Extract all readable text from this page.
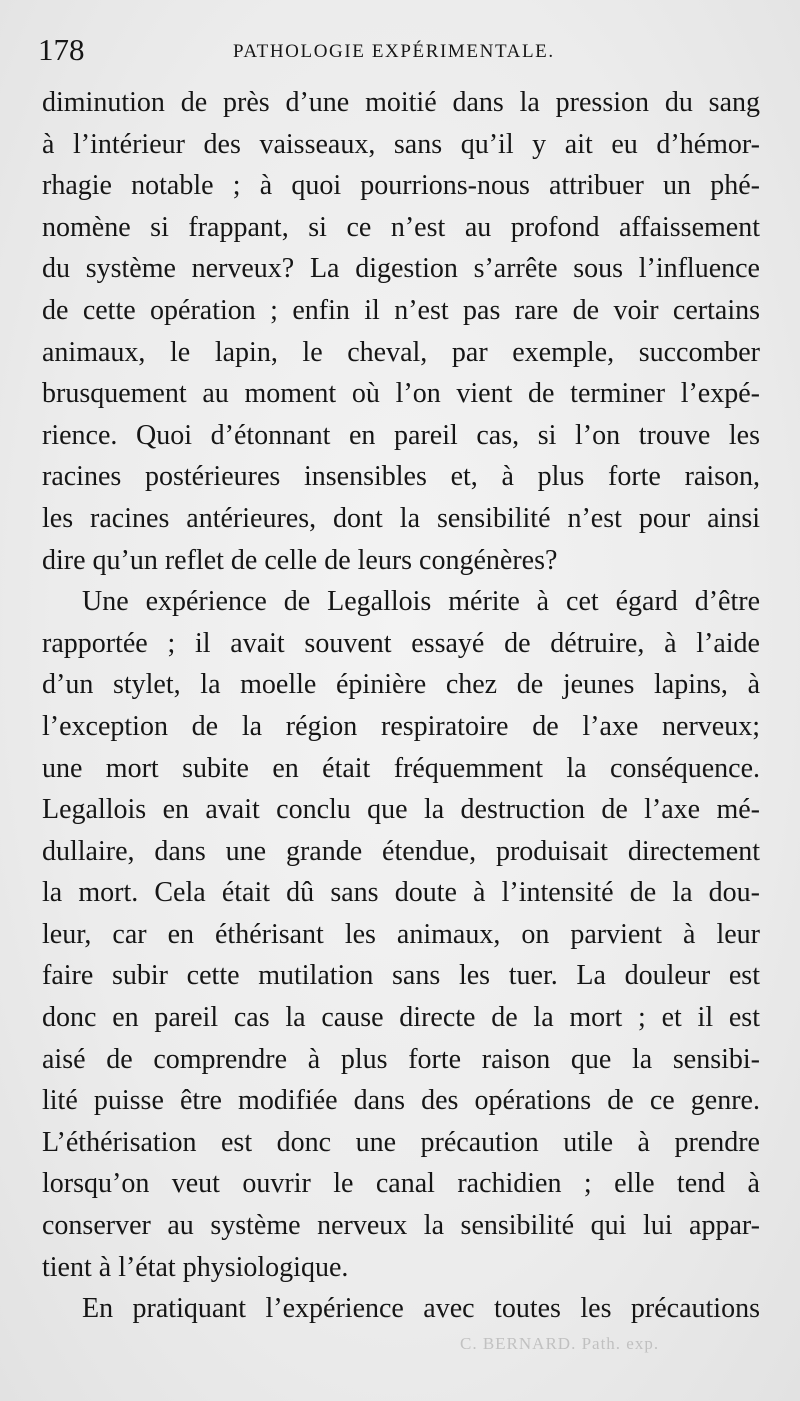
178	PATHOLOGIE EXPÉRIMENTALE.
diminution de près d’une moitié dans la pression du sang
à l’intérieur des vaisseaux, sans qu’il y ait eu d’hémor-
rhagie notable ; à quoi pourrions-nous attribuer un phé-
nomène si frappant, si ce n’est au profond affaissement
du système nerveux? La digestion s’arrête sous l’influence
de cette opération ; enfin il n’est pas rare de voir certains
animaux, le lapin, le cheval, par exemple, succomber
brusquement au moment où l’on vient de terminer l’expé-
rience. Quoi d’étonnant en pareil cas, si l’on trouve les
racines postérieures insensibles et, à plus forte raison,
les racines antérieures, dont la sensibilité n’est pour ainsi
dire qu’un reflet de celle de leurs congénères?
Une expérience de Legallois mérite à cet égard d’être
rapportée ; il avait souvent essayé de détruire, à l’aide
d’un stylet, la moelle épinière chez de jeunes lapins, à
l’exception de la région respiratoire de l’axe nerveux;
une mort subite en était fréquemment la conséquence.
Legallois en avait conclu que la destruction de l’axe mé-
dullaire, dans une grande étendue, produisait directement
la mort. Cela était dû sans doute à l’intensité de la dou-
leur, car en éthérisant les animaux, on parvient à leur
faire subir cette mutilation sans les tuer. La douleur est
donc en pareil cas la cause directe de la mort ; et il est
aisé de comprendre à plus forte raison que la sensibi-
lité puisse être modifiée dans des opérations de ce genre.
L’éthérisation est donc une précaution utile à prendre
lorsqu’on veut ouvrir le canal rachidien ; elle tend à
conserver au système nerveux la sensibilité qui lui appar-
tient à l’état physiologique.
En pratiquant l’expérience avec toutes les précautions
C. BERNARD. Path. exp.
